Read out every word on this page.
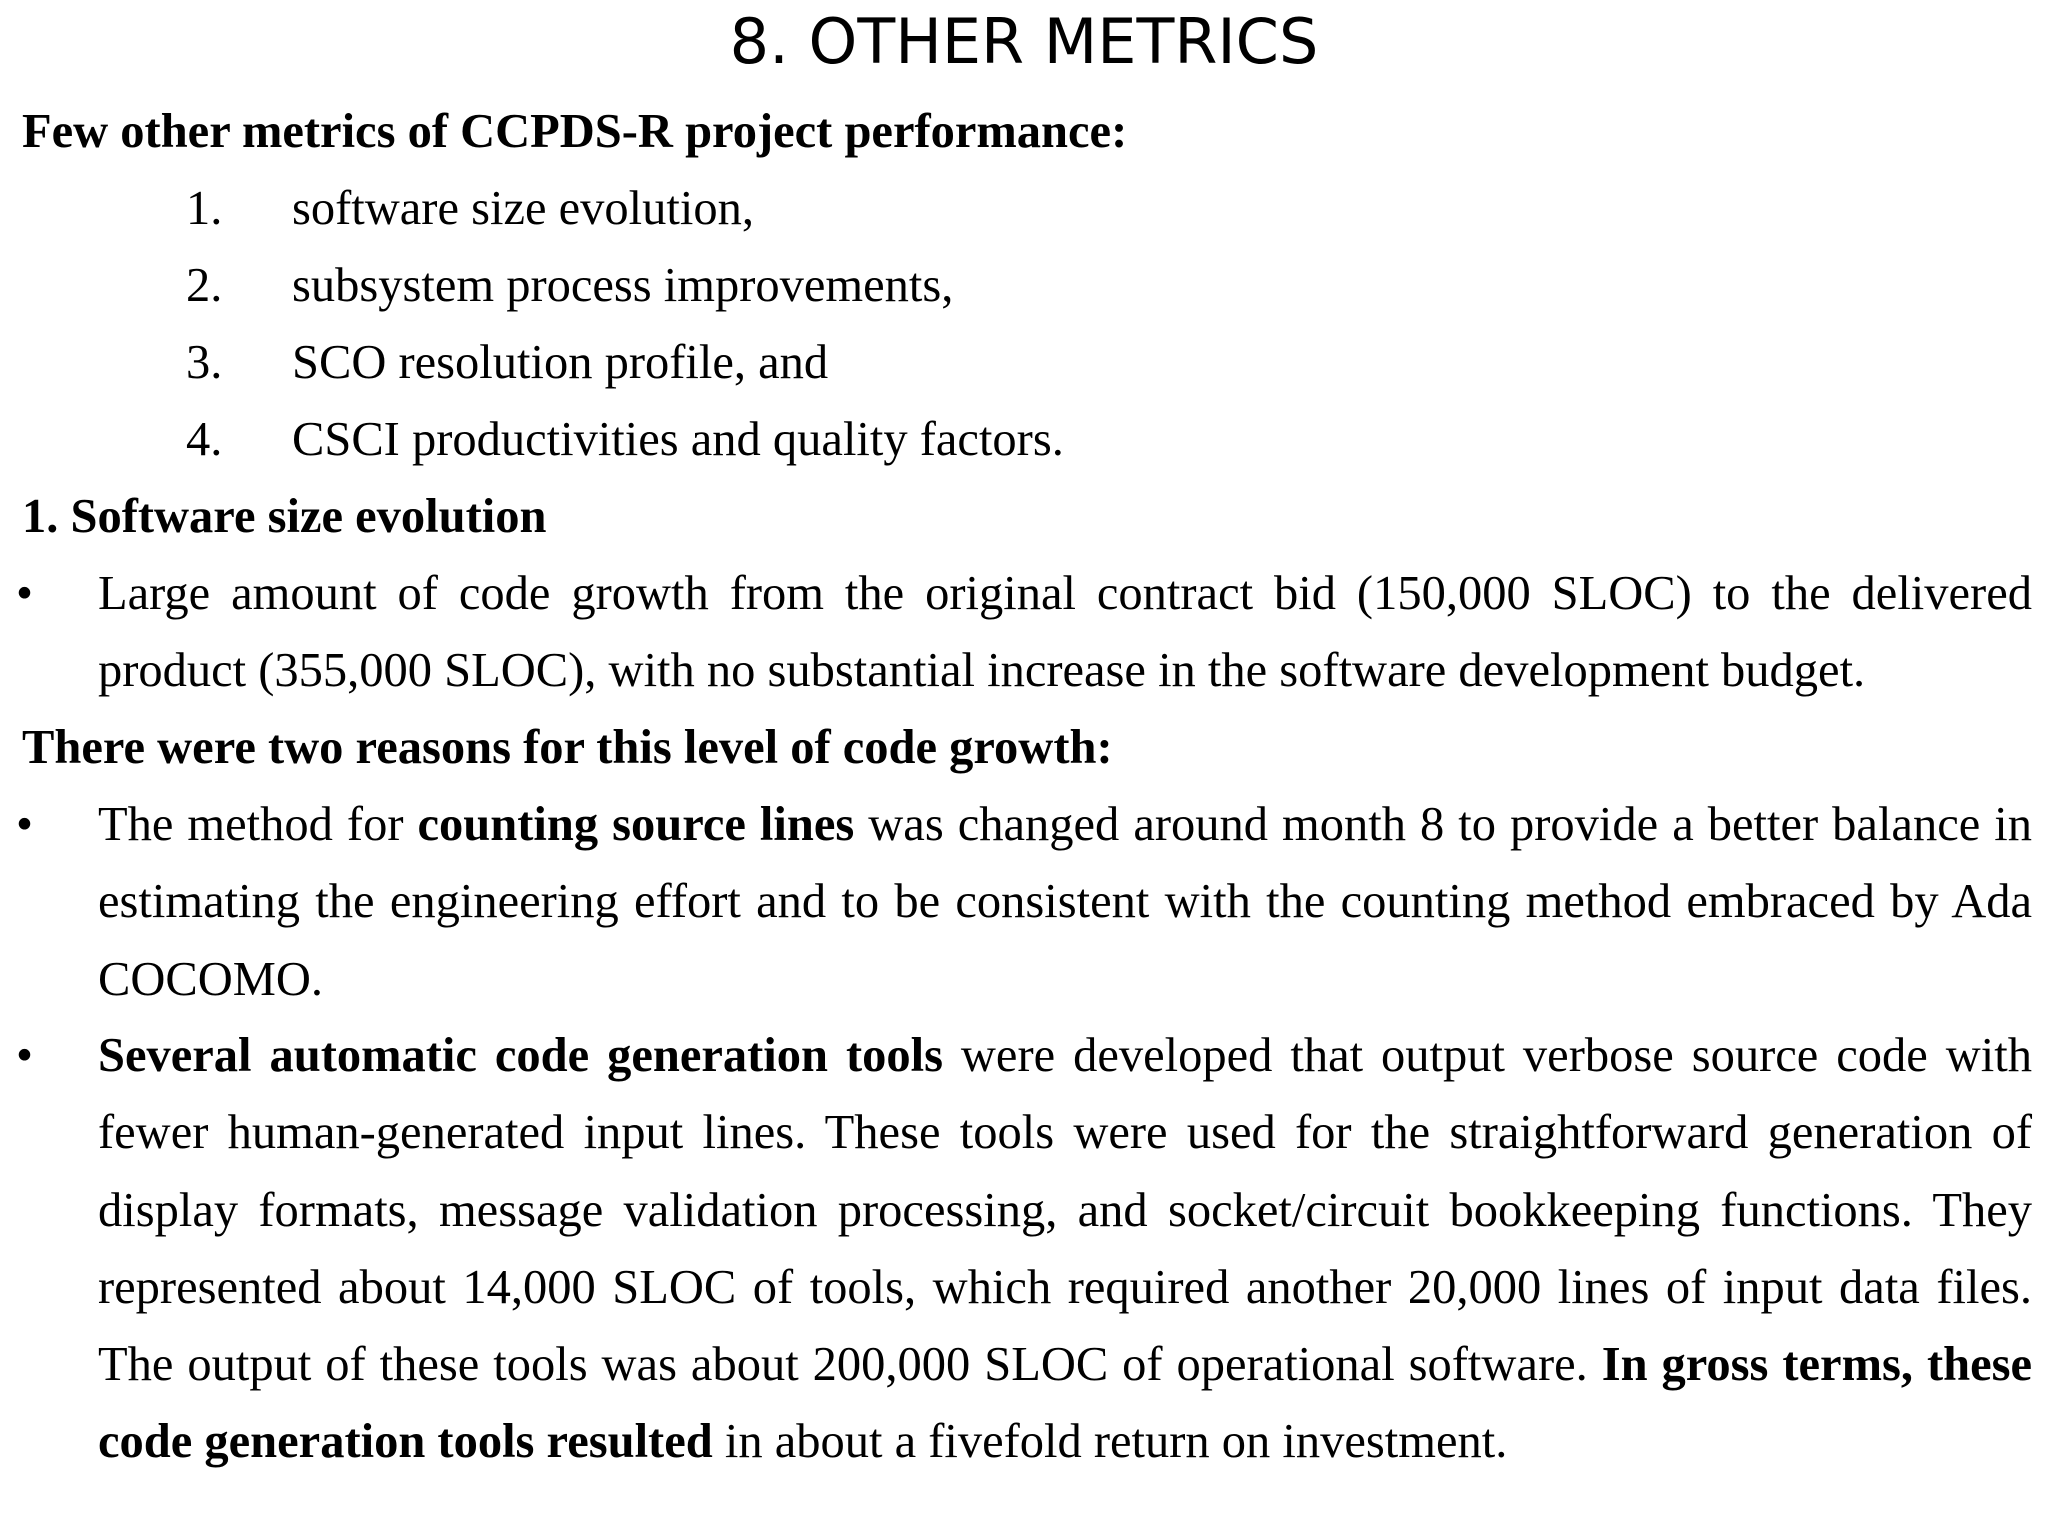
8. OTHER METRICS
Few other metrics of CCPDS-R project performance:
1. software size evolution,
2. subsystem process improvements,
3. SCO resolution profile, and
4. CSCI productivities and quality factors.
1. Software size evolution
• Large amount of code growth from the original contract bid (150,000 SLOC) to the delivered product (355,000 SLOC), with no substantial increase in the software development budget.
There were two reasons for this level of code growth:
• The method for counting source lines was changed around month 8 to provide a better balance in estimating the engineering effort and to be consistent with the counting method embraced by Ada COCOMO.
• Several automatic code generation tools were developed that output verbose source code with fewer human-generated input lines. These tools were used for the straightforward generation of display formats, message validation processing, and socket/circuit bookkeeping functions. They represented about 14,000 SLOC of tools, which required another 20,000 lines of input data files. The output of these tools was about 200,000 SLOC of operational software. In gross terms, these code generation tools resulted in about a fivefold return on investment.
